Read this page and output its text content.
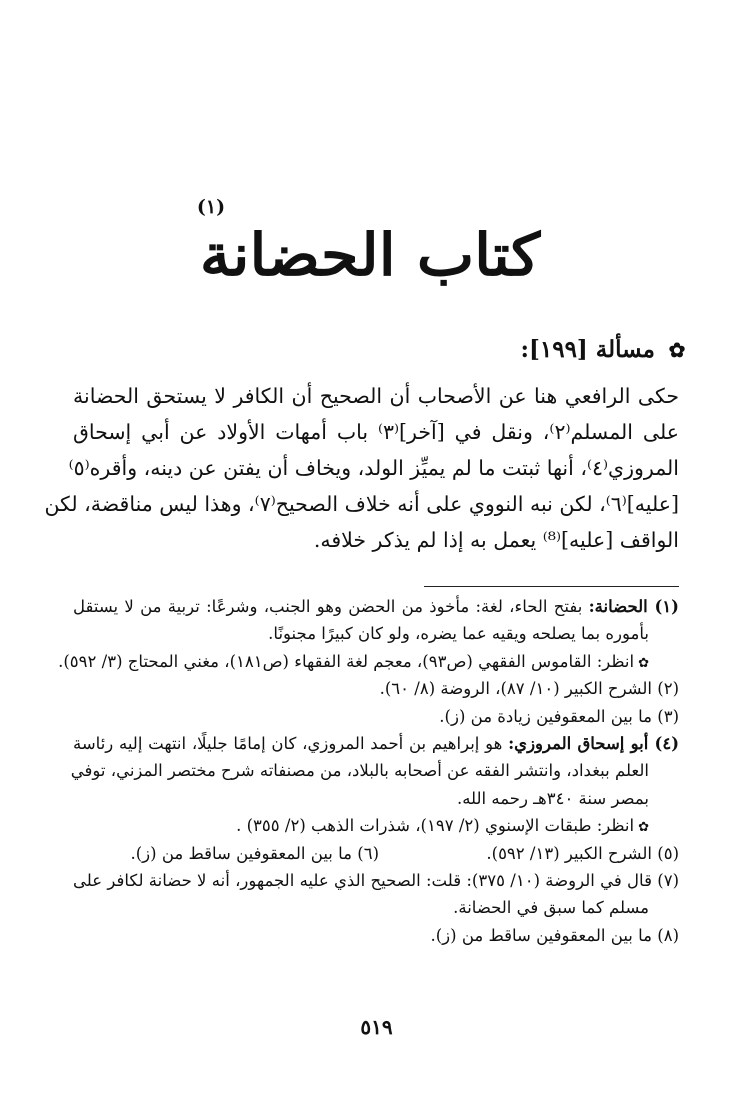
(١)
كتاب الحضانة
✿
مسألة [١٩٩]:
حكى الرافعي هنا عن الأصحاب أن الصحيح أن الكافر لا يستحق الحضانة
على المسلم⁽٢⁾، ونقل في [آخر]⁽٣⁾ باب أمهات الأولاد عن أبي إسحاق
المروزي⁽٤⁾، أنها ثبتت ما لم يميِّز الولد، ويخاف أن يفتن عن دينه، وأقره⁽٥⁾
[عليه]⁽٦⁾، لكن نبه النووي على أنه خلاف الصحيح⁽٧⁾، وهذا ليس مناقضة، لكن
الواقف [عليه]⁽⁸⁾ يعمل به إذا لم يذكر خلافه.
(١) الحضانة: بفتح الحاء، لغة: مأخوذ من الحضن وهو الجنب، وشرعًا: تربية من لا يستقل
بأموره بما يصلحه ويقيه عما يضره، ولو كان كبيرًا مجنونًا.
✿انظر: القاموس الفقهي (ص٩٣)، معجم لغة الفقهاء (ص١٨١)، مغني المحتاج (٣/ ٥٩٢).
(٢) الشرح الكبير (١٠/ ٨٧)، الروضة (٨/ ٦٠).
(٣) ما بين المعقوفين زيادة من (ز).
(٤) أبو إسحاق المروزي: هو إبراهيم بن أحمد المروزي، كان إمامًا جليلًا، انتهت إليه رئاسة
العلم ببغداد، وانتشر الفقه عن أصحابه بالبلاد، من مصنفاته شرح مختصر المزني، توفي
بمصر سنة ٣٤٠هـ رحمه الله.
✿انظر: طبقات الإسنوي (٢/ ١٩٧)، شذرات الذهب (٢/ ٣٥٥) .
(٥) الشرح الكبير (١٣/ ٥٩٢).
(٦) ما بين المعقوفين ساقط من (ز).
(٧) قال في الروضة (١٠/ ٣٧٥): قلت: الصحيح الذي عليه الجمهور، أنه لا حضانة لكافر على
مسلم كما سبق في الحضانة.
(٨) ما بين المعقوفين ساقط من (ز).
٥١٩
